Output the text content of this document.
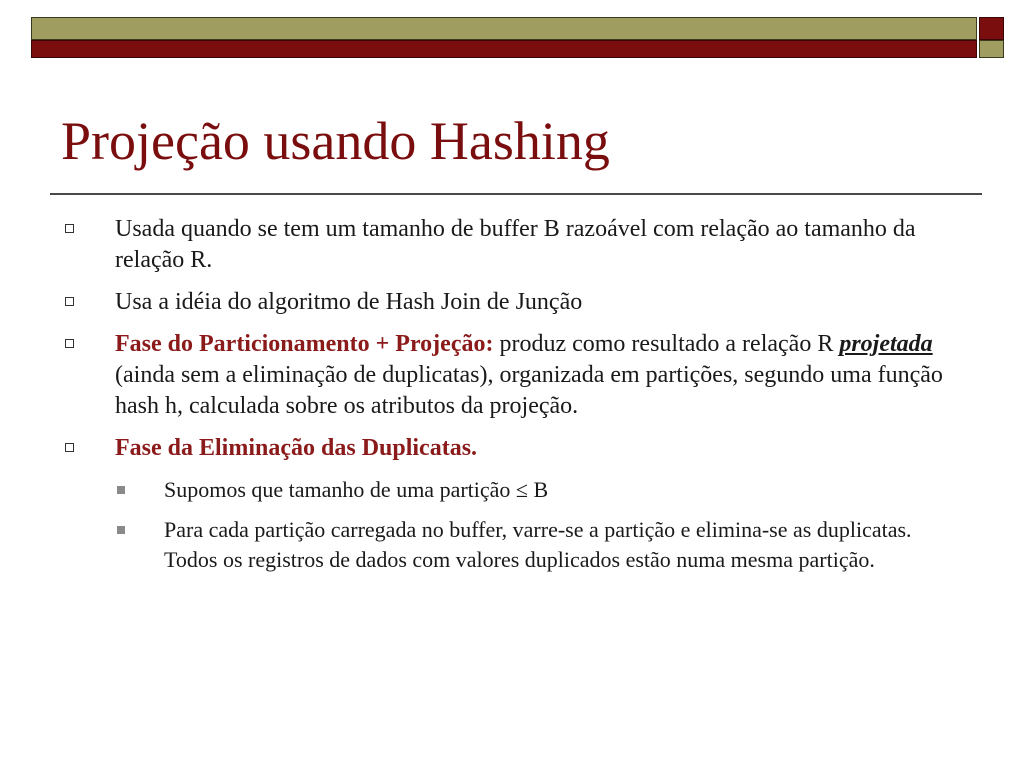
Projeção usando Hashing
Usada quando se tem um tamanho de buffer B razoável com relação ao tamanho da relação R.
Usa a idéia do algoritmo de Hash Join de Junção
Fase do Particionamento + Projeção: produz como resultado a relação R projetada (ainda sem a eliminação de duplicatas), organizada em partições, segundo uma função hash h, calculada sobre os atributos da projeção.
Fase da Eliminação das Duplicatas.
Supomos que tamanho de uma partição ≤ B
Para cada partição carregada no buffer, varre-se a partição e elimina-se as duplicatas. Todos os registros de dados com valores duplicados estão numa mesma partição.
